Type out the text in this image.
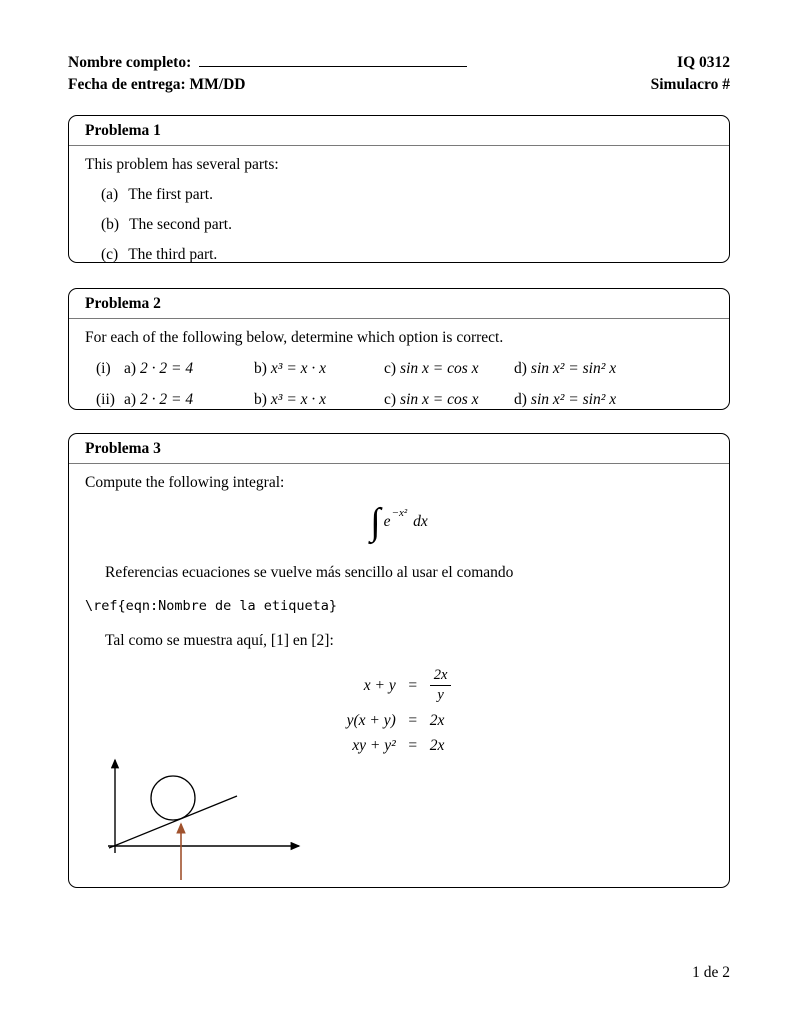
Nombre completo:	IQ 0312
Fecha de entrega: MM/DD	Simulacro #
Problema 1
This problem has several parts:
(a) The first part.
(b) The second part.
(c) The third part.
Problema 2
For each of the following below, determine which option is correct.
(i) a) 2 · 2 = 4	b) x³ = x · x	c) sin x = cos x	d) sin x² = sin² x
(ii) a) 2 · 2 = 4	b) x³ = x · x	c) sin x = cos x	d) sin x² = sin² x
Problema 3
Compute the following integral:
∫ e −x² dx
Referencias ecuaciones se vuelve más sencillo al usar el comando
\ref{eqn:Nombre de la etiqueta}
Tal como se muestra aquí, [1] en [2]:
$x + y = \frac{2x}{y}$
y(x + y) = 2x
xy + y² = 2x
1 de 2
